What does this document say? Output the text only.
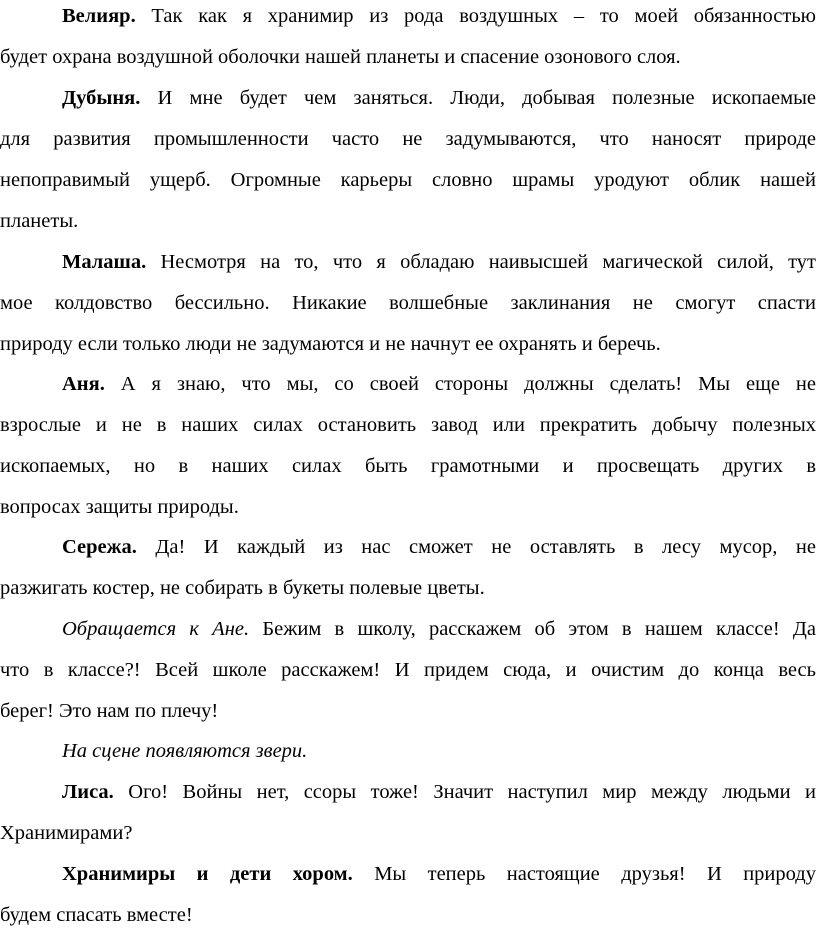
Велияр. Так как я хранимир из рода воздушных – то моей обязанностью
будет охрана воздушной оболочки нашей планеты и спасение озонового слоя.
Дубыня. И мне будет чем заняться. Люди, добывая полезные ископаемые
для развития промышленности часто не задумываются, что наносят природе
непоправимый ущерб. Огромные карьеры словно шрамы уродуют облик нашей
планеты.
Малаша. Несмотря на то, что я обладаю наивысшей магической силой, тут
мое колдовство бессильно. Никакие волшебные заклинания не смогут спасти
природу если только люди не задумаются и не начнут ее охранять и беречь.
Аня. А я знаю, что мы, со своей стороны должны сделать! Мы еще не
взрослые и не в наших силах остановить завод или прекратить добычу полезных
ископаемых, но в наших силах быть грамотными и просвещать других в
вопросах защиты природы.
Сережа. Да! И каждый из нас сможет не оставлять в лесу мусор, не
разжигать костер, не собирать в букеты полевые цветы.
Обращается к Ане. Бежим в школу, расскажем об этом в нашем классе! Да
что в классе?! Всей школе расскажем! И придем сюда, и очистим до конца весь
берег! Это нам по плечу!
На сцене появляются звери.
Лиса. Ого! Войны нет, ссоры тоже! Значит наступил мир между людьми и
Хранимирами?
Хранимиры и дети хором. Мы теперь настоящие друзья! И природу
будем спасать вместе!
